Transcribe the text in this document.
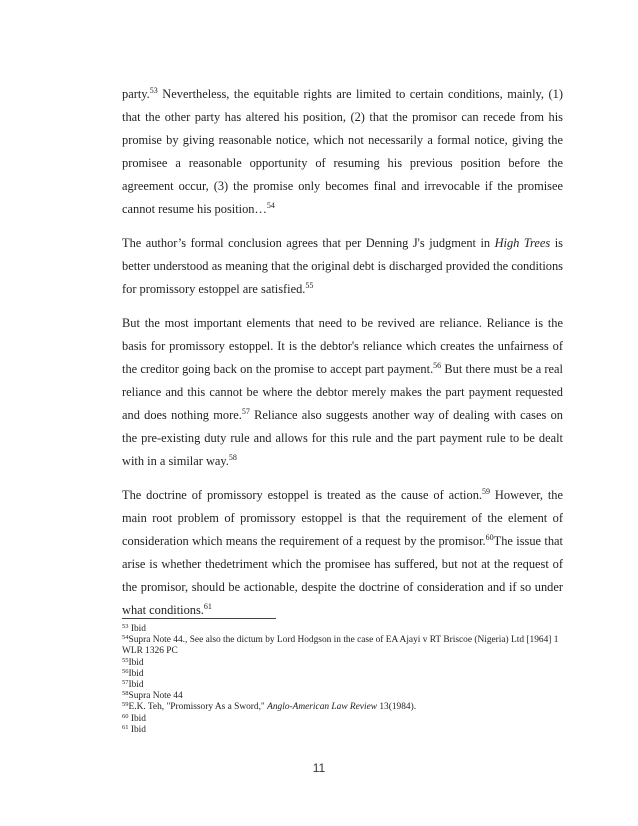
party.$^{53}$ Nevertheless, the equitable rights are limited to certain conditions, mainly, (1) that the other party has altered his position, (2) that the promisor can recede from his promise by giving reasonable notice, which not necessarily a formal notice, giving the promisee a reasonable opportunity of resuming his previous position before the agreement occur, (3) the promise only becomes final and irrevocable if the promisee cannot resume his position…$^{54}$

The author’s formal conclusion agrees that per Denning J's judgment in High Trees is better understood as meaning that the original debt is discharged provided the conditions for promissory estoppel are satisfied.$^{55}$

But the most important elements that need to be revived are reliance. Reliance is the basis for promissory estoppel. It is the debtor's reliance which creates the unfairness of the creditor going back on the promise to accept part payment.$^{56}$ But there must be a real reliance and this cannot be where the debtor merely makes the part payment requested and does nothing more.$^{57}$ Reliance also suggests another way of dealing with cases on the pre-existing duty rule and allows for this rule and the part payment rule to be dealt with in a similar way.$^{58}$

The doctrine of promissory estoppel is treated as the cause of action.$^{59}$ However, the main root problem of promissory estoppel is that the requirement of the element of consideration which means the requirement of a request by the promisor.$^{60}$The issue that arise is whether thedetriment which the promisee has suffered, but not at the request of the promisor, should be actionable, despite the doctrine of consideration and if so under what conditions.$^{61}$

$^{53}$ Ibid
$^{54}$Supra Note 44., See also the dictum by Lord Hodgson in the case of EA Ajayi v RT Briscoe (Nigeria) Ltd [1964] 1 WLR 1326 PC
$^{55}$Ibid
$^{56}$Ibid
$^{57}$Ibid
$^{58}$Supra Note 44
$^{59}$E.K. Teh, "Promissory As a Sword," Anglo-American Law Review 13(1984).
$^{60}$ Ibid
$^{61}$ Ibid
11
